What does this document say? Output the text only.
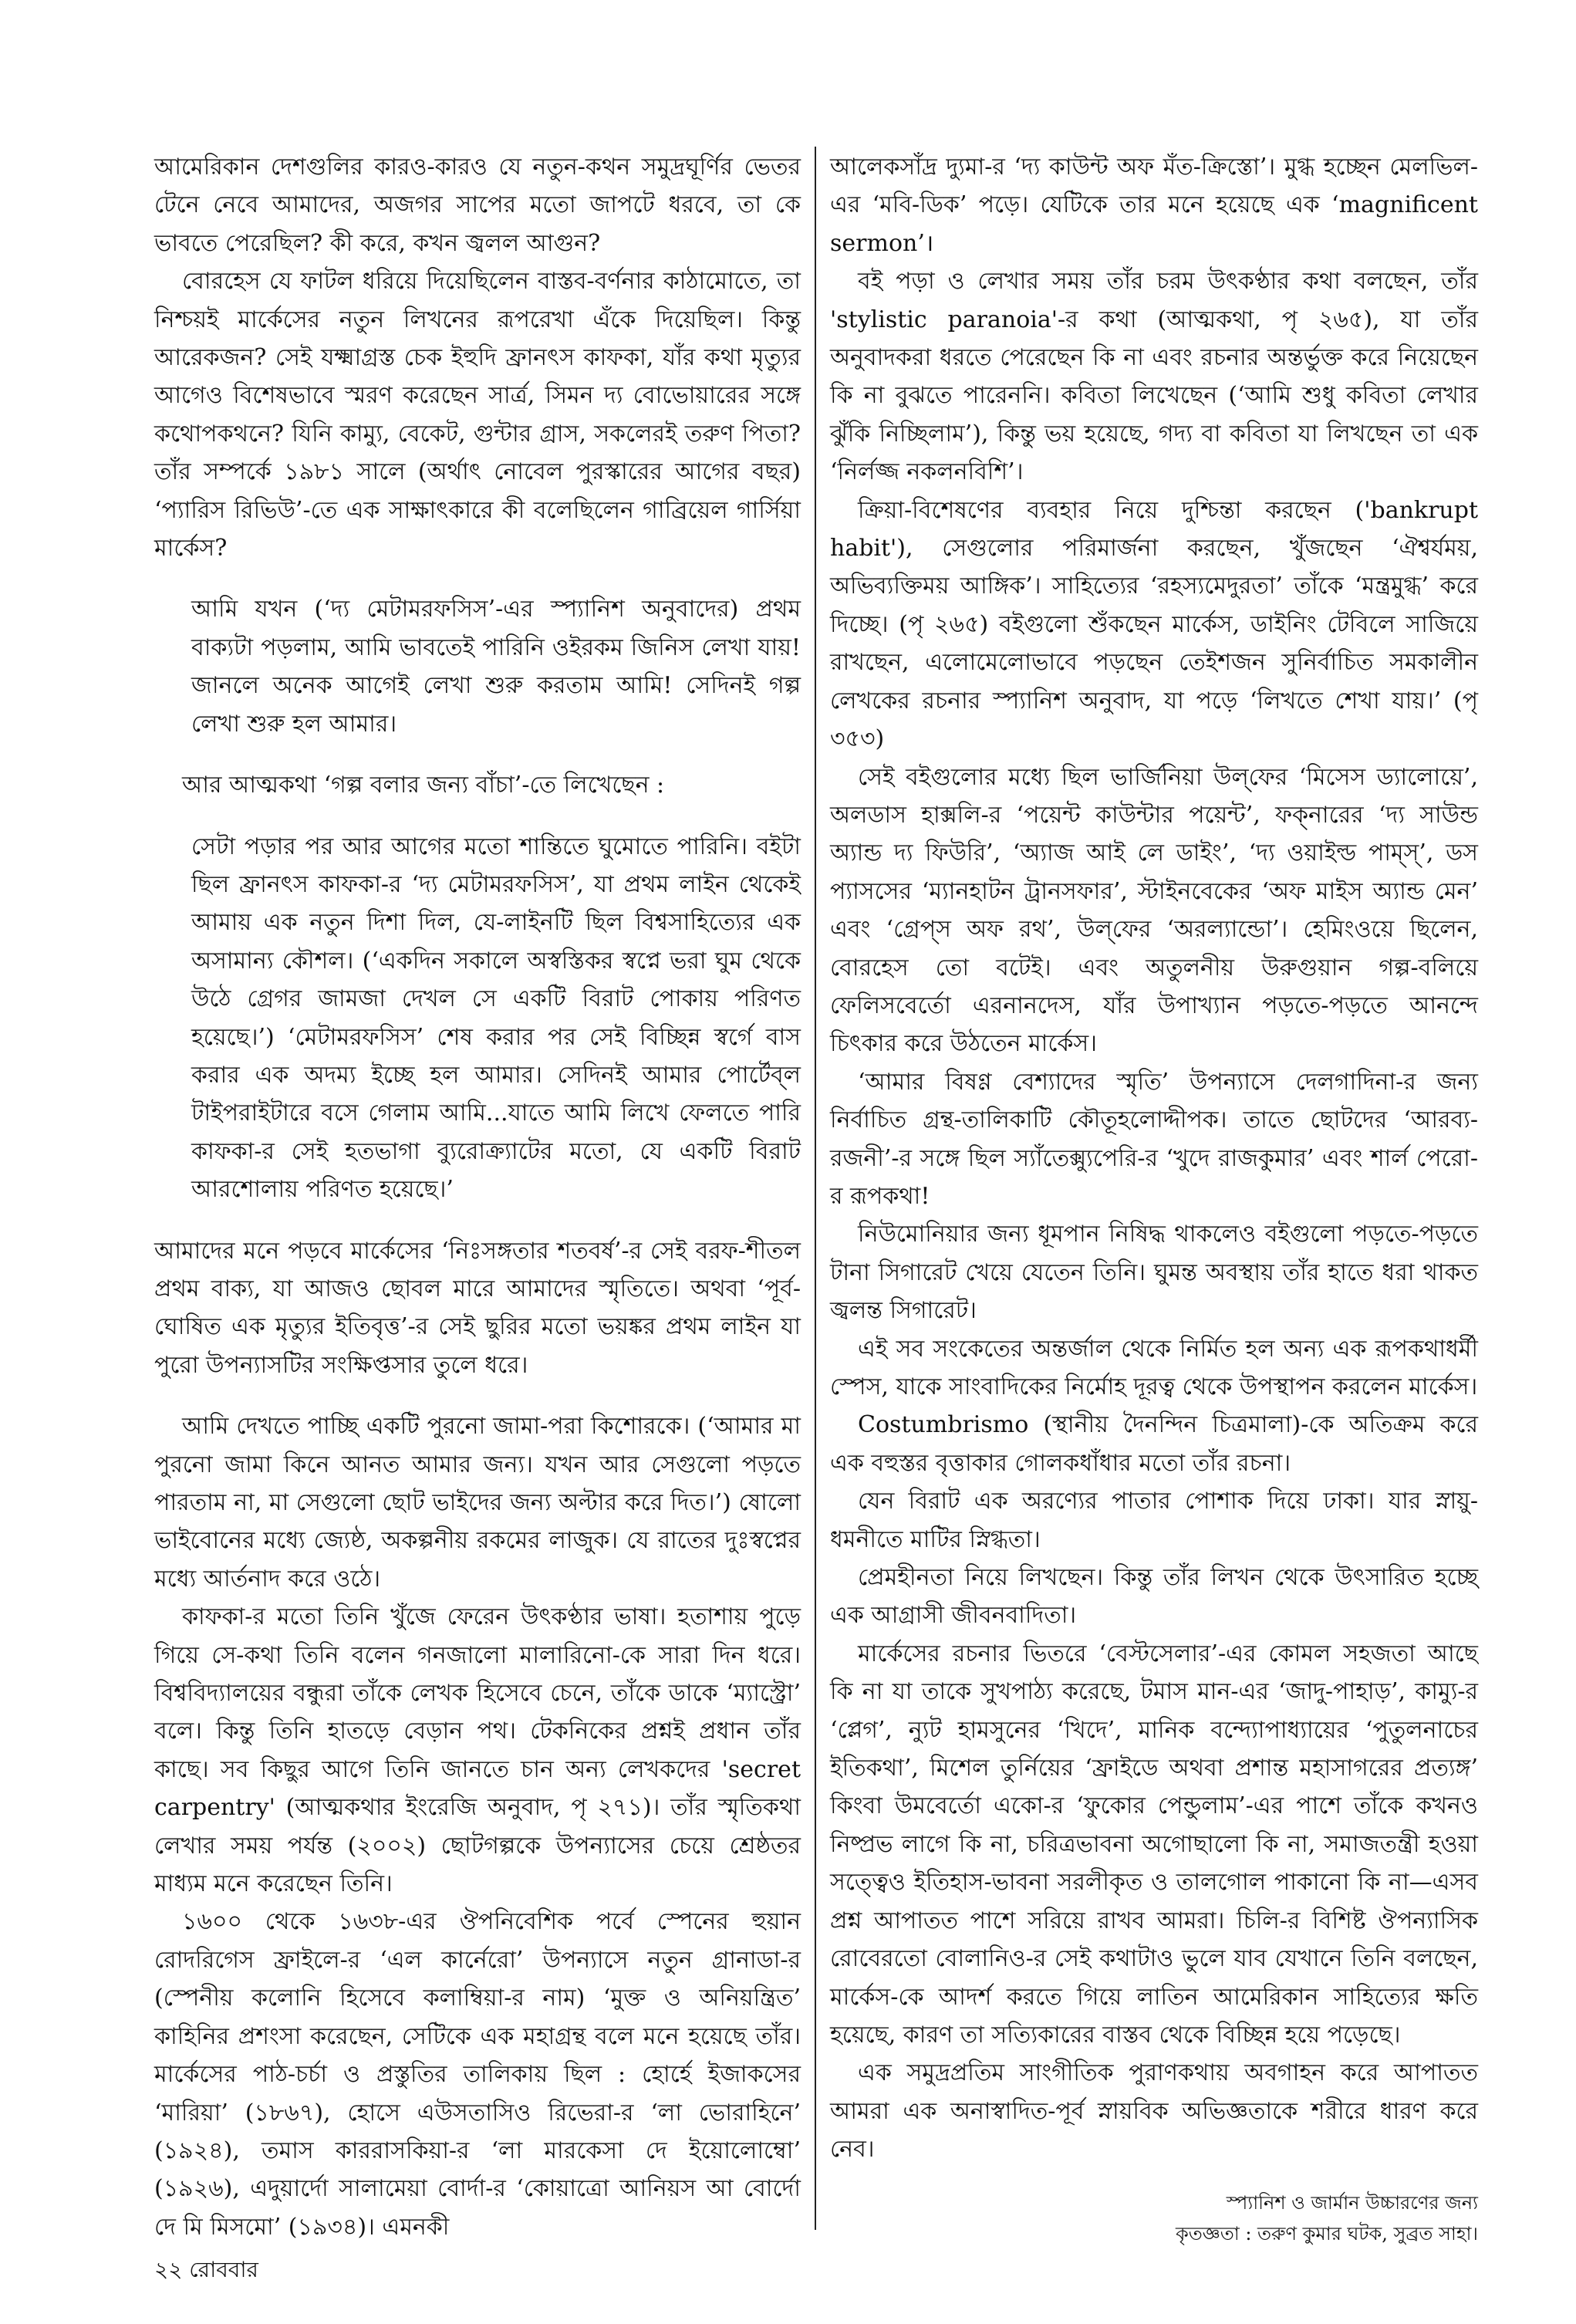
আমেরিকান দেশগুলির কারও-কারও যে নতুন-কথন সমুদ্রঘূর্ণির ভেতর টেনে নেবে আমাদের, অজগর সাপের মতো জাপটে ধরবে, তা কে ভাবতে পেরেছিল? কী করে, কখন জ্বলল আগুন?

বোরহেস যে ফাটল ধরিয়ে দিয়েছিলেন বাস্তব-বর্ণনার কাঠামোতে, তা নিশ্চয়ই মার্কেসের নতুন লিখনের রূপরেখা এঁকে দিয়েছিল। কিন্তু আরেকজন? সেই যক্ষ্মাগ্রস্ত চেক ইহুদি ফ্রানৎস কাফকা, যাঁর কথা মৃত্যুর আগেও বিশেষভাবে স্মরণ করেছেন সার্ত্র, সিমন দ্য বোভোয়ারের সঙ্গে কথোপকথনে? যিনি কাম্যু, বেকেট, গুন্টার গ্রাস, সকলেরই তরুণ পিতা? তাঁর সম্পর্কে ১৯৮১ সালে (অর্থাৎ নোবেল পুরস্কারের আগের বছর) ‘প্যারিস রিভিউ’-তে এক সাক্ষাৎকারে কী বলেছিলেন গাব্রিয়েল গার্সিয়া মার্কেস?

আমি যখন (‘দ্য মেটামরফসিস’-এর স্প্যানিশ অনুবাদের) প্রথম বাক্যটা পড়লাম, আমি ভাবতেই পারিনি ওইরকম জিনিস লেখা যায়! জানলে অনেক আগেই লেখা শুরু করতাম আমি! সেদিনই গল্প লেখা শুরু হল আমার।

আর আত্মকথা ‘গল্প বলার জন্য বাঁচা’-তে লিখেছেন :

সেটা পড়ার পর আর আগের মতো শান্তিতে ঘুমোতে পারিনি। বইটা ছিল ফ্রানৎস কাফকা-র ‘দ্য মেটামরফসিস’, যা প্রথম লাইন থেকেই আমায় এক নতুন দিশা দিল, যে-লাইনটি ছিল বিশ্বসাহিত্যের এক অসামান্য কৌশল। (‘একদিন সকালে অস্বস্তিকর স্বপ্নে ভরা ঘুম থেকে উঠে গ্রেগর জামজা দেখল সে একটি বিরাট পোকায় পরিণত হয়েছে।’) ‘মেটামরফসিস’ শেষ করার পর সেই বিচ্ছিন্ন স্বর্গে বাস করার এক অদম্য ইচ্ছে হল আমার। সেদিনই আমার পোর্টেব্‌ল টাইপরাইটারে বসে গেলাম আমি...যাতে আমি লিখে ফেলতে পারি কাফকা-র সেই হতভাগা ব্যুরোক্র্যাটের মতো, যে একটি বিরাট আরশোলায় পরিণত হয়েছে।’

আমাদের মনে পড়বে মার্কেসের ‘নিঃসঙ্গতার শতবর্ষ’-র সেই বরফ-শীতল প্রথম বাক্য, যা আজও ছোবল মারে আমাদের স্মৃতিতে। অথবা ‘পূর্ব-ঘোষিত এক মৃত্যুর ইতিবৃত্ত’-র সেই ছুরির মতো ভয়ঙ্কর প্রথম লাইন যা পুরো উপন্যাসটির সংক্ষিপ্তসার তুলে ধরে।

আমি দেখতে পাচ্ছি একটি পুরনো জামা-পরা কিশোরকে। (‘আমার মা পুরনো জামা কিনে আনত আমার জন্য। যখন আর সেগুলো পড়তে পারতাম না, মা সেগুলো ছোট ভাইদের জন্য অল্টার করে দিত।’) ষোলো ভাইবোনের মধ্যে জ্যেষ্ঠ, অকল্পনীয় রকমের লাজুক। যে রাতের দুঃস্বপ্নের মধ্যে আর্তনাদ করে ওঠে।

কাফকা-র মতো তিনি খুঁজে ফেরেন উৎকণ্ঠার ভাষা। হতাশায় পুড়ে গিয়ে সে-কথা তিনি বলেন গনজালো মালারিনো-কে সারা দিন ধরে। বিশ্ববিদ্যালয়ের বন্ধুরা তাঁকে লেখক হিসেবে চেনে, তাঁকে ডাকে ‘ম্যাস্ট্রো’ বলে। কিন্তু তিনি হাতড়ে বেড়ান পথ। টেকনিকের প্রশ্নই প্রধান তাঁর কাছে। সব কিছুর আগে তিনি জানতে চান অন্য লেখকদের 'secret carpentry' (আত্মকথার ইংরেজি অনুবাদ, পৃ ২৭১)। তাঁর স্মৃতিকথা লেখার সময় পর্যন্ত (২০০২) ছোটগল্পকে উপন্যাসের চেয়ে শ্রেষ্ঠতর মাধ্যম মনে করেছেন তিনি।

১৬০০ থেকে ১৬৩৮-এর ঔপনিবেশিক পর্বে স্পেনের হুয়ান রোদরিগেস ফ্রাইলে-র ‘এল কার্নেরো’ উপন্যাসে নতুন গ্রানাডা-র (স্পেনীয় কলোনি হিসেবে কলাম্বিয়া-র নাম) ‘মুক্ত ও অনিয়ন্ত্রিত’ কাহিনির প্রশংসা করেছেন, সেটিকে এক মহাগ্রন্থ বলে মনে হয়েছে তাঁর। মার্কেসের পাঠ-চর্চা ও প্রস্তুতির তালিকায় ছিল : হোর্হে ইজাকসের ‘মারিয়া’ (১৮৬৭), হোসে এউসতাসিও রিভেরা-র ‘লা ভোরাহিনে’ (১৯২৪), তমাস কাররাসকিয়া-র ‘লা মারকেসা দে ইয়োলোম্বো’ (১৯২৬), এদুয়ার্দো সালামেয়া বোর্দা-র ‘কোয়াত্রো আনিয়স আ বোর্দো দে মি মিসমো’ (১৯৩৪)। এমনকী

আলেকসাঁদ্র দ্যুমা-র ‘দ্য কাউন্ট অফ মঁত-ক্রিস্তো’। মুগ্ধ হচ্ছেন মেলভিল-এর ‘মবি-ডিক’ পড়ে। যেটিকে তার মনে হয়েছে এক ‘magnificent sermon’।

বই পড়া ও লেখার সময় তাঁর চরম উৎকণ্ঠার কথা বলছেন, তাঁর 'stylistic paranoia'-র কথা (আত্মকথা, পৃ ২৬৫), যা তাঁর অনুবাদকরা ধরতে পেরেছেন কি না এবং রচনার অন্তর্ভুক্ত করে নিয়েছেন কি না বুঝতে পারেননি। কবিতা লিখেছেন (‘আমি শুধু কবিতা লেখার ঝুঁকি নিচ্ছিলাম’), কিন্তু ভয় হয়েছে, গদ্য বা কবিতা যা লিখছেন তা এক ‘নির্লজ্জ নকলনবিশি’।

ক্রিয়া-বিশেষণের ব্যবহার নিয়ে দুশ্চিন্তা করছেন ('bankrupt habit'), সেগুলোর পরিমার্জনা করছেন, খুঁজছেন ‘ঐশ্বর্যময়, অভিব্যক্তিময় আঙ্গিক’। সাহিত্যের ‘রহস্যমেদুরতা’ তাঁকে ‘মন্ত্রমুগ্ধ’ করে দিচ্ছে। (পৃ ২৬৫) বইগুলো শুঁকছেন মার্কেস, ডাইনিং টেবিলে সাজিয়ে রাখছেন, এলোমেলোভাবে পড়ছেন তেইশজন সুনির্বাচিত সমকালীন লেখকের রচনার স্প্যানিশ অনুবাদ, যা পড়ে ‘লিখতে শেখা যায়।’ (পৃ ৩৫৩)

সেই বইগুলোর মধ্যে ছিল ভার্জিনিয়া উল্‌ফের ‘মিসেস ড্যালোয়ে’, অলডাস হাক্সলি-র ‘পয়েন্ট কাউন্টার পয়েন্ট’, ফক্‌নারের ‘দ্য সাউন্ড অ্যান্ড দ্য ফিউরি’, ‘অ্যাজ আই লে ডাইং’, ‘দ্য ওয়াইল্ড পাম্‌স্’, ডস প্যাসসের ‘ম্যানহাটন ট্রানসফার’, স্টাইনবেকের ‘অফ মাইস অ্যান্ড মেন’ এবং ‘গ্রেপ্‌স অফ রথ’, উল্‌ফের ‘অরল্যান্ডো’। হেমিংওয়ে ছিলেন, বোরহেস তো বটেই। এবং অতুলনীয় উরুগুয়ান গল্প-বলিয়ে ফেলিসবের্তো এরনানদেস, যাঁর উপাখ্যান পড়তে-পড়তে আনন্দে চিৎকার করে উঠতেন মার্কেস।

‘আমার বিষণ্ণ বেশ্যাদের স্মৃতি’ উপন্যাসে দেলগাদিনা-র জন্য নির্বাচিত গ্রন্থ-তালিকাটি কৌতূহলোদ্দীপক। তাতে ছোটদের ‘আরব্য-রজনী’-র সঙ্গে ছিল স্যাঁতেক্স্যুপেরি-র ‘খুদে রাজকুমার’ এবং শার্ল পেরো-র রূপকথা!

নিউমোনিয়ার জন্য ধূমপান নিষিদ্ধ থাকলেও বইগুলো পড়তে-পড়তে টানা সিগারেট খেয়ে যেতেন তিনি। ঘুমন্ত অবস্থায় তাঁর হাতে ধরা থাকত জ্বলন্ত সিগারেট।

এই সব সংকেতের অন্তর্জাল থেকে নির্মিত হল অন্য এক রূপকথাধর্মী স্পেস, যাকে সাংবাদিকের নির্মোহ দূরত্ব থেকে উপস্থাপন করলেন মার্কেস।

Costumbrismo (স্থানীয় দৈনন্দিন চিত্রমালা)-কে অতিক্রম করে এক বহুস্তর বৃত্তাকার গোলকধাঁধার মতো তাঁর রচনা।

যেন বিরাট এক অরণ্যের পাতার পোশাক দিয়ে ঢাকা। যার স্নায়ু-ধমনীতে মাটির স্নিগ্ধতা।

প্রেমহীনতা নিয়ে লিখছেন। কিন্তু তাঁর লিখন থেকে উৎসারিত হচ্ছে এক আগ্রাসী জীবনবাদিতা।

মার্কেসের রচনার ভিতরে ‘বেস্টসেলার’-এর কোমল সহজতা আছে কি না যা তাকে সুখপাঠ্য করেছে, টমাস মান-এর ‘জাদু-পাহাড়’, কাম্যু-র ‘প্লেগ’, ন্যুট হামসুনের ‘খিদে’, মানিক বন্দ্যোপাধ্যায়ের ‘পুতুলনাচের ইতিকথা’, মিশেল তুর্নিয়ের ‘ফ্রাইডে অথবা প্রশান্ত মহাসাগরের প্রত্যঙ্গ’ কিংবা উমবের্তো একো-র ‘ফুকোর পেন্ডুলাম’-এর পাশে তাঁকে কখনও নিষ্প্রভ লাগে কি না, চরিত্রভাবনা অগোছালো কি না, সমাজতন্ত্রী হওয়া সত্ত্বেও ইতিহাস-ভাবনা সরলীকৃত ও তালগোল পাকানো কি না—এসব প্রশ্ন আপাতত পাশে সরিয়ে রাখব আমরা। চিলি-র বিশিষ্ট ঔপন্যাসিক রোবেরতো বোলানিও-র সেই কথাটাও ভুলে যাব যেখানে তিনি বলছেন, মার্কেস-কে আদর্শ করতে গিয়ে লাতিন আমেরিকান সাহিত্যের ক্ষতি হয়েছে, কারণ তা সত্যিকারের বাস্তব থেকে বিচ্ছিন্ন হয়ে পড়েছে।

এক সমুদ্রপ্রতিম সাংগীতিক পুরাণকথায় অবগাহন করে আপাতত আমরা এক অনাস্বাদিত-পূর্ব স্নায়বিক অভিজ্ঞতাকে শরীরে ধারণ করে নেব।

স্প্যানিশ ও জার্মান উচ্চারণের জন্য

কৃতজ্ঞতা : তরুণ কুমার ঘটক, সুব্রত সাহা।

২২ রোববার
